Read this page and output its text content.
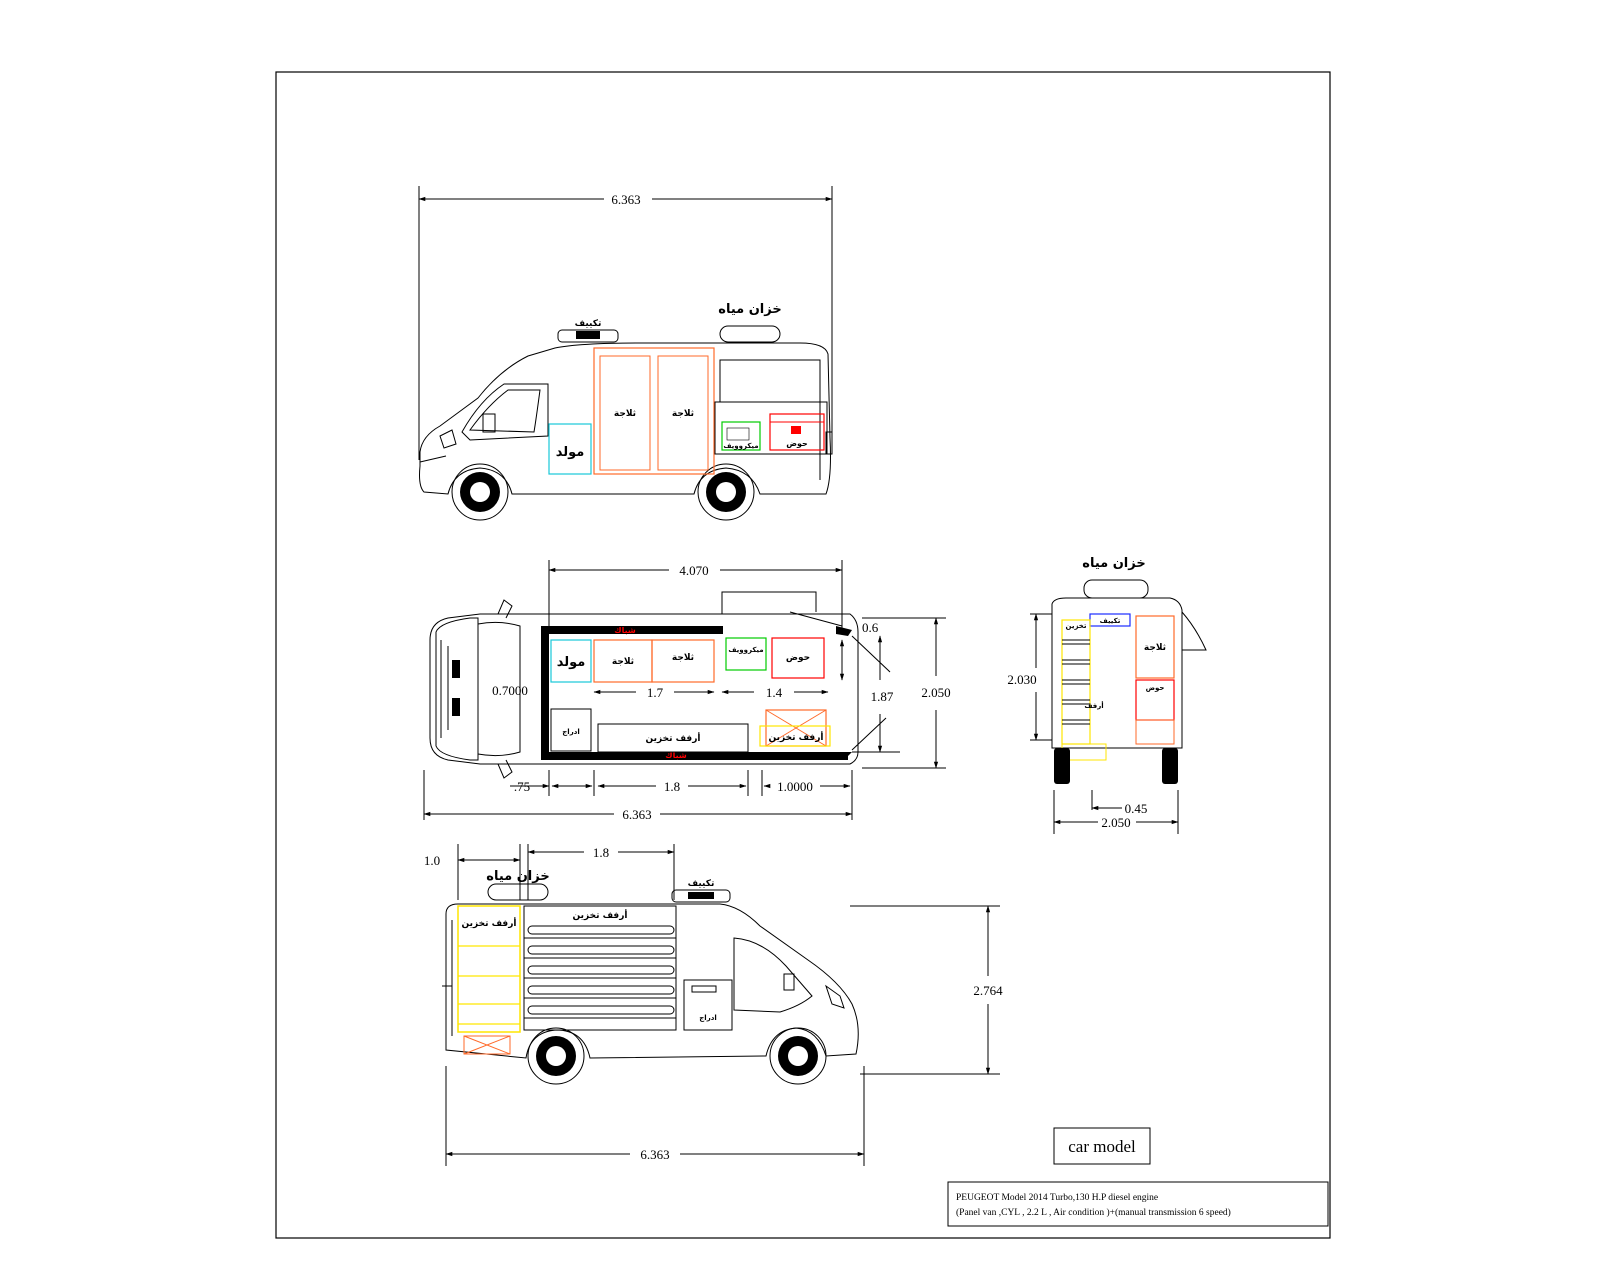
6.363
تكييف
خزان مياه
مولد
ثلاجة	ثلاجة
ميكروويف	حوض
4.070
شباك
شباك
مولد	ثلاجة	ثلاجة
ميكروويف
حوض
ادراج
أرفف تخزين	أرفف تخزين
0.6
0.7000	1.7	1.4	1.87 2.050
.75	1.8	1.0000
6.363
خزان مياه
تكييف
تخزين
أرفف
ثلاجة
حوض
2.030
0.45
2.050
1.0
1.8
خزان مياه	تكييف
أرفف تخزين
أرفف تخزين
ادراج
2.764
6.363	car model
PEUGEOT Model 2014 Turbo,130 H.P diesel engine
(Panel van ,CYL , 2.2 L , Air condition )+(manual transmission 6 speed)
